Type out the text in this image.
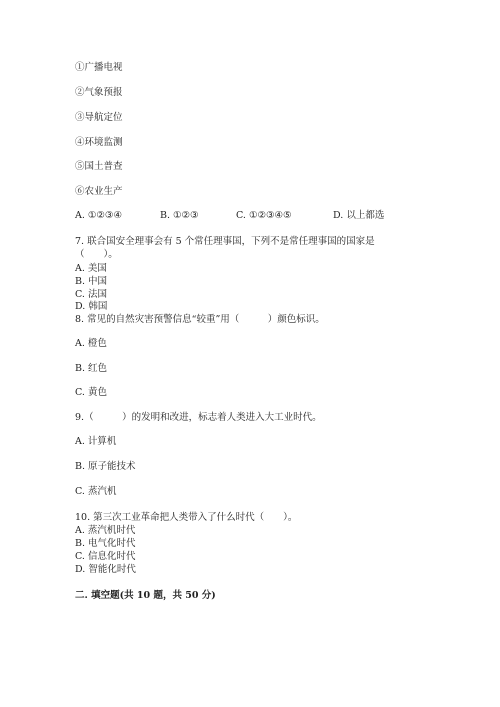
①广播电视
②气象预报
③导航定位
④环境监测
⑤国土普查
⑥农业生产
A. ①②③④	B. ①②③	C. ①②③④⑤	D. 以上都选
7. 联合国安全理事会有 5 个常任理事国，下列不是常任理事国的国家是
（　　）。
A. 美国
B. 中国
C. 法国
D. 韩国
8. 常见的自然灾害预警信息“较重”用（　　　）颜色标识。
A. 橙色
B. 红色
C. 黄色
9.（　　　）的发明和改进，标志着人类进入大工业时代。
A. 计算机
B. 原子能技术
C. 蒸汽机
10. 第三次工业革命把人类带入了什么时代（　　）。
A. 蒸汽机时代
B. 电气化时代
C. 信息化时代
D. 智能化时代
二. 填空题(共 10 题，共 50 分)
